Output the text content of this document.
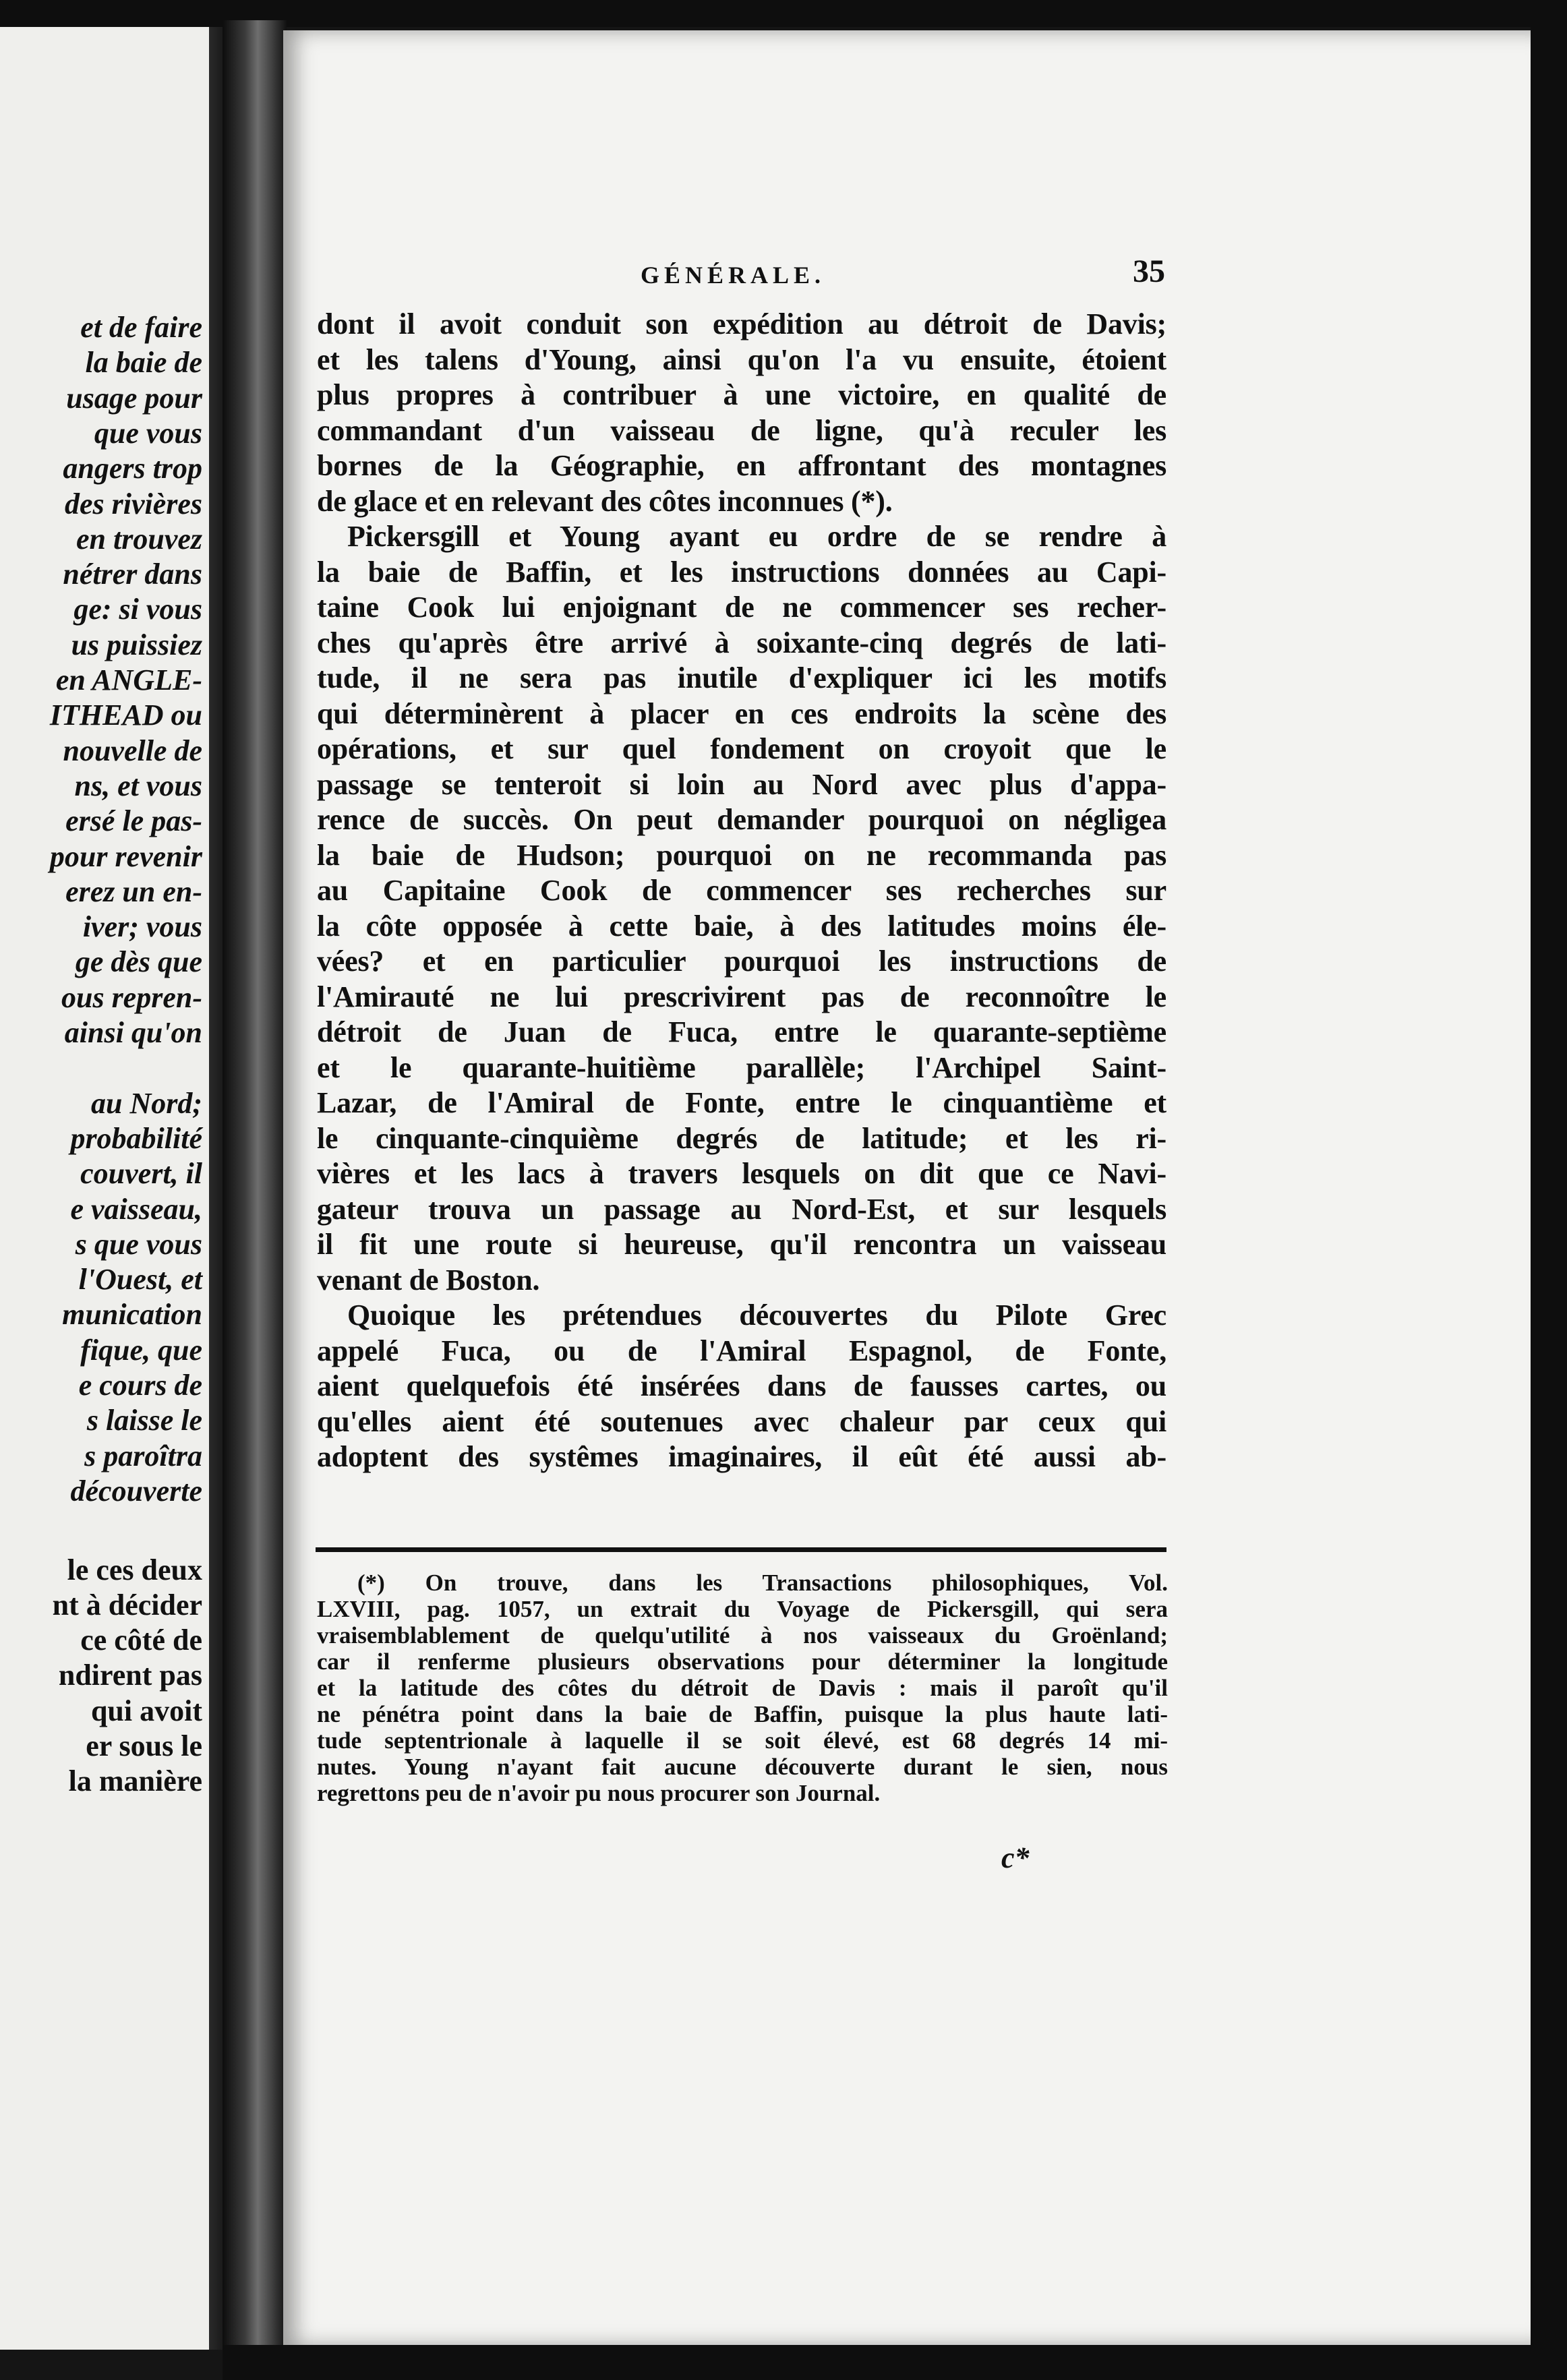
et de faire
la baie de
usage pour
que vous
angers trop
des rivières
en trouvez
nétrer dans
ge: si vous
us puissiez
en ANGLE-
ITHEAD ou
nouvelle de
ns, et vous
ersé le pas-
pour revenir
erez un en-
iver; vous
ge dès que
ous repren-
ainsi qu'on
au Nord;
probabilité
couvert, il
e vaisseau,
s que vous
l'Ouest, et
munication
fique, que
e cours de
s laisse le
s paroîtra
découverte
le ces deux
nt à décider
ce côté de
ndirent pas
qui avoit
er sous le
la manière
GÉNÉRALE.	35
dont il avoit conduit son expédition au détroit de Davis;
et les talens d'Young, ainsi qu'on l'a vu ensuite, étoient
plus propres à contribuer à une victoire, en qualité de
commandant d'un vaisseau de ligne, qu'à reculer les
bornes de la Géographie, en affrontant des montagnes
de glace et en relevant des côtes inconnues (*).
Pickersgill et Young ayant eu ordre de se rendre à
la baie de Baffin, et les instructions données au Capi-
taine Cook lui enjoignant de ne commencer ses recher-
ches qu'après être arrivé à soixante-cinq degrés de lati-
tude, il ne sera pas inutile d'expliquer ici les motifs
qui déterminèrent à placer en ces endroits la scène des
opérations, et sur quel fondement on croyoit que le
passage se tenteroit si loin au Nord avec plus d'appa-
rence de succès. On peut demander pourquoi on négligea
la baie de Hudson; pourquoi on ne recommanda pas
au Capitaine Cook de commencer ses recherches sur
la côte opposée à cette baie, à des latitudes moins éle-
vées? et en particulier pourquoi les instructions de
l'Amirauté ne lui prescrivirent pas de reconnoître le
détroit de Juan de Fuca, entre le quarante-septième
et le quarante-huitième parallèle; l'Archipel Saint-
Lazar, de l'Amiral de Fonte, entre le cinquantième et
le cinquante-cinquième degrés de latitude; et les ri-
vières et les lacs à travers lesquels on dit que ce Navi-
gateur trouva un passage au Nord-Est, et sur lesquels
il fit une route si heureuse, qu'il rencontra un vaisseau
venant de Boston.
Quoique les prétendues découvertes du Pilote Grec
appelé Fuca, ou de l'Amiral Espagnol, de Fonte,
aient quelquefois été insérées dans de fausses cartes, ou
qu'elles aient été soutenues avec chaleur par ceux qui
adoptent des systêmes imaginaires, il eût été aussi ab-
(*) On trouve, dans les Transactions philosophiques, Vol.
LXVIII, pag. 1057, un extrait du Voyage de Pickersgill, qui sera
vraisemblablement de quelqu'utilité à nos vaisseaux du Groënland;
car il renferme plusieurs observations pour déterminer la longitude
et la latitude des côtes du détroit de Davis : mais il paroît qu'il
ne pénétra point dans la baie de Baffin, puisque la plus haute lati-
tude septentrionale à laquelle il se soit élevé, est 68 degrés 14 mi-
nutes. Young n'ayant fait aucune découverte durant le sien, nous
regrettons peu de n'avoir pu nous procurer son Journal.
c*
